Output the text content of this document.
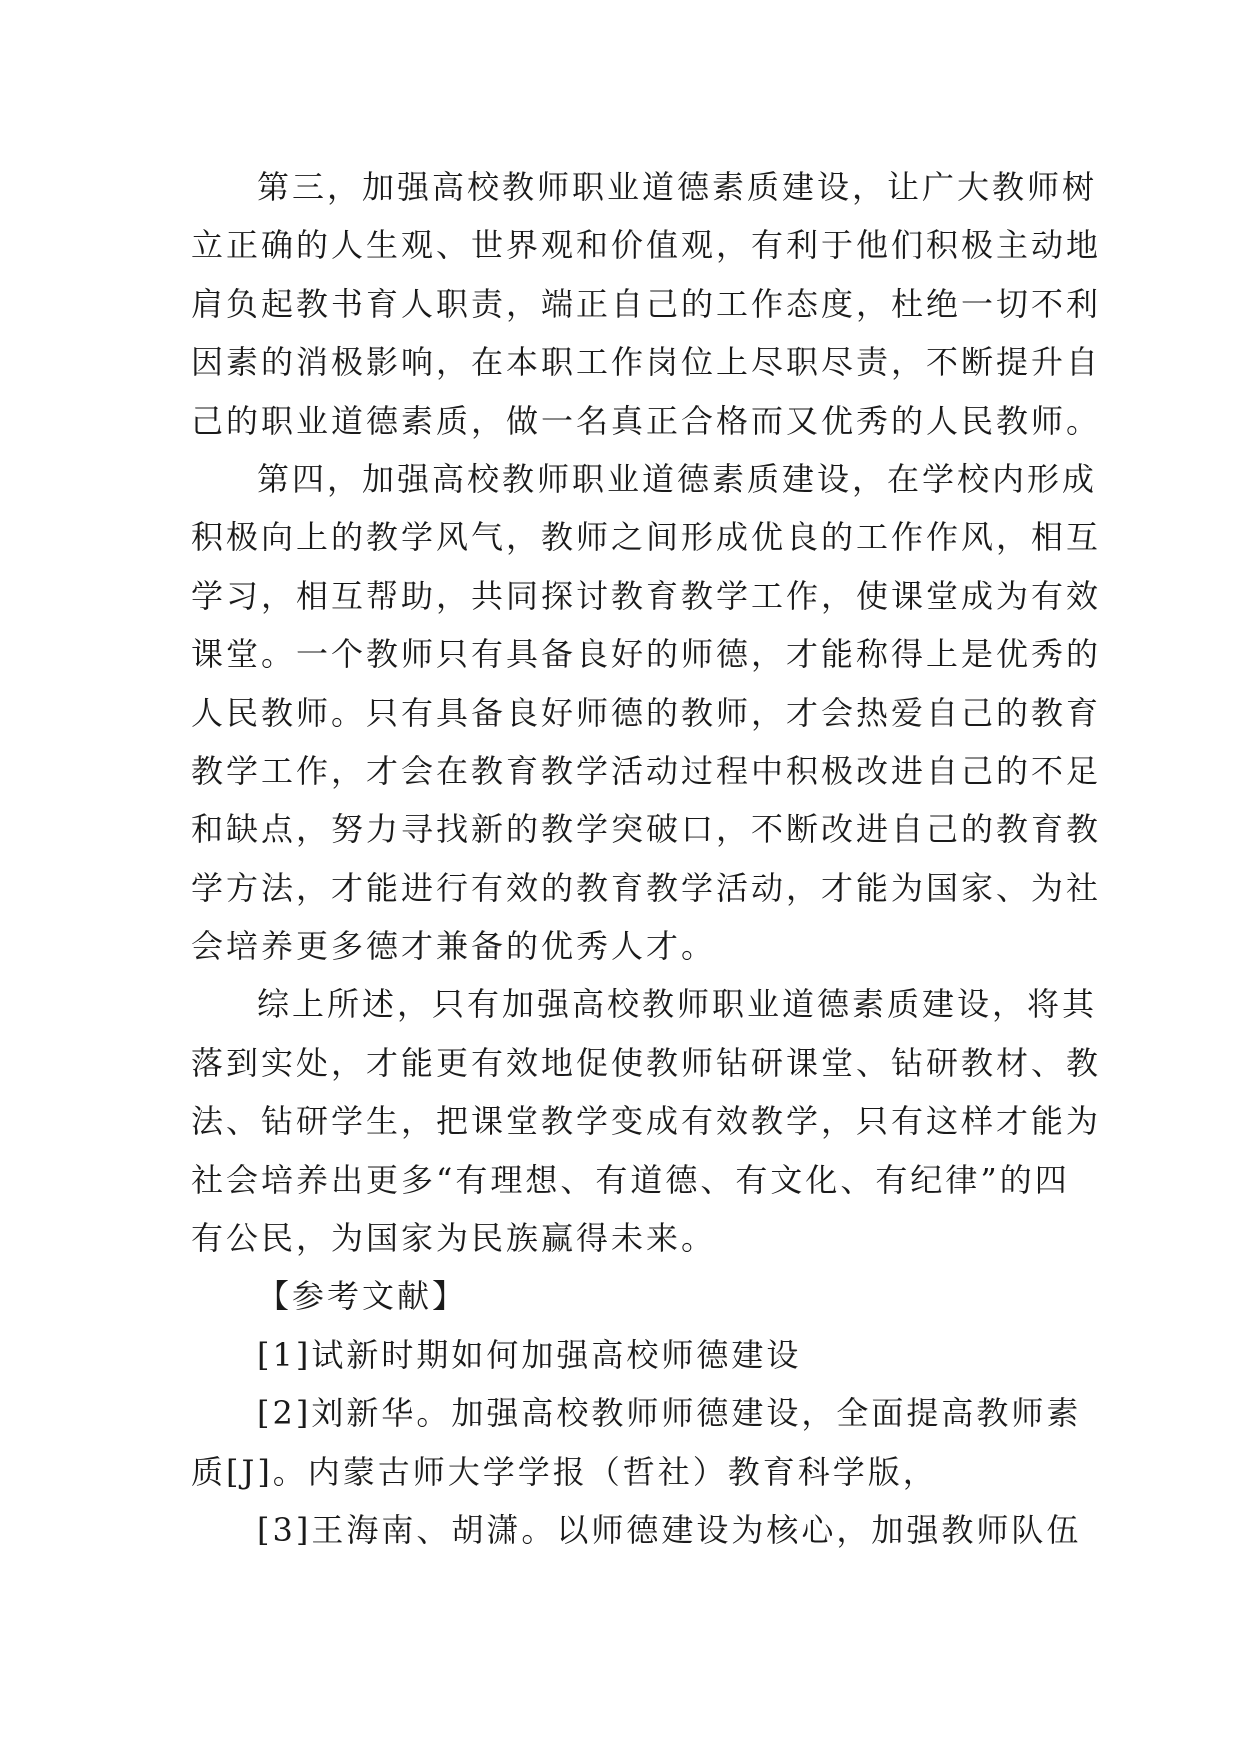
第三，加强高校教师职业道德素质建设，让广大教师树
立正确的人生观、世界观和价值观，有利于他们积极主动地
肩负起教书育人职责，端正自己的工作态度，杜绝一切不利
因素的消极影响，在本职工作岗位上尽职尽责，不断提升自
己的职业道德素质，做一名真正合格而又优秀的人民教师。
第四，加强高校教师职业道德素质建设，在学校内形成
积极向上的教学风气，教师之间形成优良的工作作风，相互
学习，相互帮助，共同探讨教育教学工作，使课堂成为有效
课堂。一个教师只有具备良好的师德，才能称得上是优秀的
人民教师。只有具备良好师德的教师，才会热爱自己的教育
教学工作，才会在教育教学活动过程中积极改进自己的不足
和缺点，努力寻找新的教学突破口，不断改进自己的教育教
学方法，才能进行有效的教育教学活动，才能为国家、为社
会培养更多德才兼备的优秀人才。
综上所述，只有加强高校教师职业道德素质建设，将其
落到实处，才能更有效地促使教师钻研课堂、钻研教材、教
法、钻研学生，把课堂教学变成有效教学，只有这样才能为
社会培养出更多“有理想、有道德、有文化、有纪律”的四
有公民，为国家为民族赢得未来。
【参考文献】
[1]试新时期如何加强高校师德建设
[2]刘新华。加强高校教师师德建设，全面提高教师素
质[J]。内蒙古师大学学报（哲社）教育科学版，
[3]王海南、胡潇。以师德建设为核心，加强教师队伍
